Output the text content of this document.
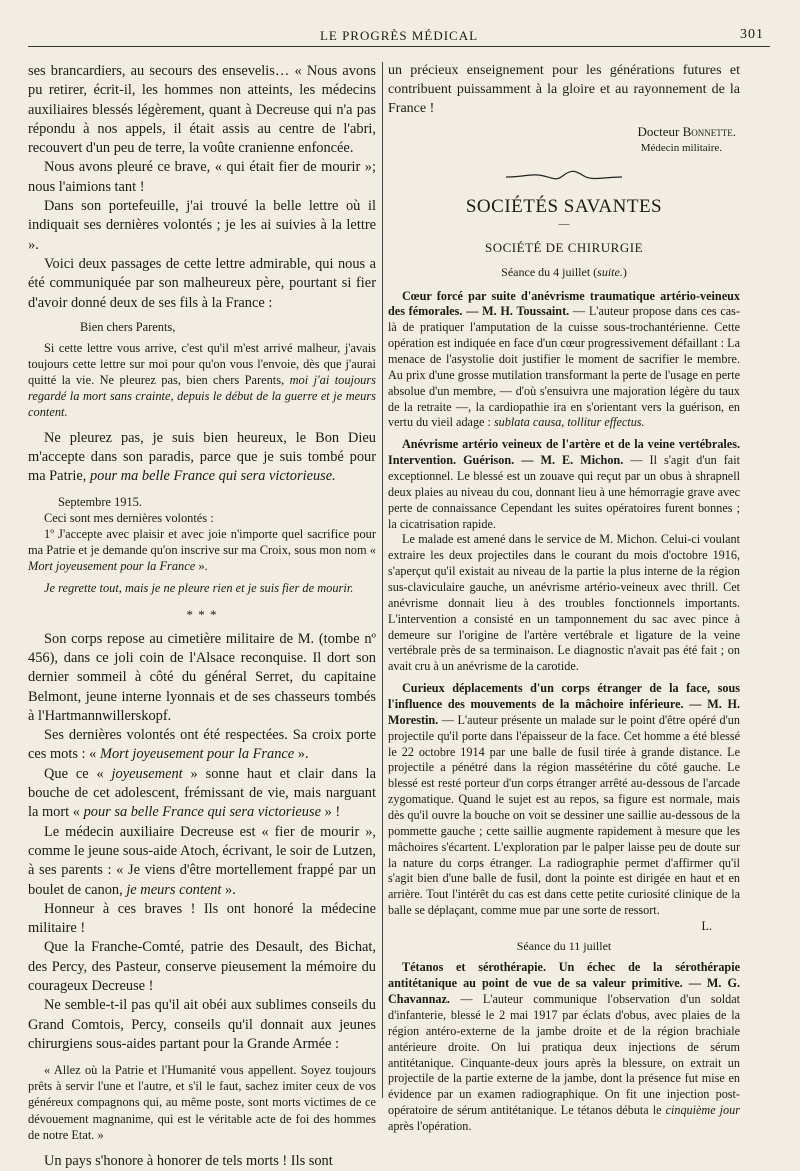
LE PROGRÈS MÉDICAL	301

ses brancardiers, au secours des ensevelis… « Nous avons pu retirer, écrit-il, les hommes non atteints, les médecins auxiliaires blessés légèrement, quant à Decreuse qui n'a pas répondu à nos appels, il était assis au centre de l'abri, recouvert d'un peu de terre, la voûte cranienne enfoncée.

Nous avons pleuré ce brave, « qui était fier de mourir »; nous l'aimions tant !

Dans son portefeuille, j'ai trouvé la belle lettre où il indiquait ses dernières volontés ; je les ai suivies à la lettre ».

Voici deux passages de cette lettre admirable, qui nous a été communiquée par son malheureux père, pourtant si fier d'avoir donné deux de ses fils à la France :

Bien chers Parents,

Si cette lettre vous arrive, c'est qu'il m'est arrivé malheur, j'avais toujours cette lettre sur moi pour qu'on vous l'envoie, dès que j'aurai quitté la vie. Ne pleurez pas, bien chers Parents, moi j'ai toujours regardé la mort sans crainte, depuis le début de la guerre et je meurs content.

Ne pleurez pas, je suis bien heureux, le Bon Dieu m'accepte dans son paradis, parce que je suis tombé pour ma Patrie, pour ma belle France qui sera victorieuse.

Septembre 1915.

Ceci sont mes dernières volontés :

1º J'accepte avec plaisir et avec joie n'importe quel sacrifice pour ma Patrie et je demande qu'on inscrive sur ma Croix, sous mon nom « Mort joyeusement pour la France ».

Je regrette tout, mais je ne pleure rien et je suis fier de mourir.

* * *

Son corps repose au cimetière militaire de M. (tombe nº 456), dans ce joli coin de l'Alsace reconquise. Il dort son dernier sommeil à côté du général Serret, du capitaine Belmont, jeune interne lyonnais et de ses chasseurs tombés à l'Hartmannwillerskopf.

Ses dernières volontés ont été respectées. Sa croix porte ces mots : « Mort joyeusement pour la France ».

Que ce « joyeusement » sonne haut et clair dans la bouche de cet adolescent, frémissant de vie, mais narguant la mort « pour sa belle France qui sera victorieuse » !

Le médecin auxiliaire Decreuse est « fier de mourir », comme le jeune sous-aide Atoch, écrivant, le soir de Lutzen, à ses parents : « Je viens d'être mortellement frappé par un boulet de canon, je meurs content ».

Honneur à ces braves ! Ils ont honoré la médecine militaire !

Que la Franche-Comté, patrie des Desault, des Bichat, des Percy, des Pasteur, conserve pieusement la mémoire du courageux Decreuse !

Ne semble-t-il pas qu'il ait obéi aux sublimes conseils du Grand Comtois, Percy, conseils qu'il donnait aux jeunes chirurgiens sous-aides partant pour la Grande Armée :

« Allez où la Patrie et l'Humanité vous appellent. Soyez toujours prêts à servir l'une et l'autre, et s'il le faut, sachez imiter ceux de vos généreux compagnons qui, au même poste, sont morts victimes de ce dévouement magnanime, qui est le véritable acte de foi des hommes de notre Etat. »

Un pays s'honore à honorer de tels morts ! Ils sont

un précieux enseignement pour les générations futures et contribuent puissamment à la gloire et au rayonnement de la France !

Docteur Bonnette.

Médecin militaire.

SOCIÉTÉS SAVANTES

—

SOCIÉTÉ DE CHIRURGIE

Séance du 4 juillet (suite.)

Cœur forcé par suite d'anévrisme traumatique artério-veineux des fémorales. — M. H. Toussaint. — L'auteur propose dans ces cas-là de pratiquer l'amputation de la cuisse sous-trochantérienne. Cette opération est indiquée en face d'un cœur progressivement défaillant : La menace de l'asystolie doit justifier le moment de sacrifier le membre. Au prix d'une grosse mutilation transformant la perte de l'usage en perte absolue d'un membre, — d'où s'ensuivra une majoration légère du taux de la retraite —, la cardiopathie ira en s'orientant vers la guérison, en vertu du vieil adage : sublata causa, tollitur effectus.

Anévrisme artério veineux de l'artère et de la veine vertébrales. Intervention. Guérison. — M. E. Michon. — Il s'agit d'un fait exceptionnel. Le blessé est un zouave qui reçut par un obus à shrapnell deux plaies au niveau du cou, donnant lieu à une hémorragie grave avec perte de connaissance Cependant les suites opératoires furent bonnes ; la cicatrisation rapide.

Le malade est amené dans le service de M. Michon. Celui-ci voulant extraire les deux projectiles dans le courant du mois d'octobre 1916, s'aperçut qu'il existait au niveau de la partie la plus interne de la région sus-claviculaire gauche, un anévrisme artério-veineux avec thrill. Cet anévrisme donnait lieu à des troubles fonctionnels importants. L'intervention a consisté en un tamponnement du sac avec pince à demeure sur l'origine de l'artère vertébrale et ligature de la veine vertébrale près de sa terminaison. Le diagnostic n'avait pas été fait ; on avait cru à un anévrisme de la carotide.

Curieux déplacements d'un corps étranger de la face, sous l'influence des mouvements de la mâchoire inférieure. — M. H. Morestin. — L'auteur présente un malade sur le point d'être opéré d'un projectile qu'il porte dans l'épaisseur de la face. Cet homme a été blessé le 22 octobre 1914 par une balle de fusil tirée à grande distance. Le projectile a pénétré dans la région massétérine du côté gauche. Le blessé est resté porteur d'un corps étranger arrêté au-dessous de l'arcade zygomatique. Quand le sujet est au repos, sa figure est normale, mais dès qu'il ouvre la bouche on voit se dessiner une saillie au-dessous de la pommette gauche ; cette saillie augmente rapidement à mesure que les mâchoires s'écartent. L'exploration par le palper laisse peu de doute sur la nature du corps étranger. La radiographie permet d'affirmer qu'il s'agit bien d'une balle de fusil, dont la pointe est dirigée en haut et en arrière. Tout l'intérêt du cas est dans cette petite curiosité clinique de la balle se déplaçant, comme mue par une sorte de ressort.

L.

Séance du 11 juillet

Tétanos et sérothérapie. Un échec de la sérothérapie antitétanique au point de vue de sa valeur primitive. — M. G. Chavannaz. — L'auteur communique l'observation d'un soldat d'infanterie, blessé le 2 mai 1917 par éclats d'obus, avec plaies de la région antéro-externe de la jambe droite et de la région brachiale antérieure droite. On lui pratiqua deux injections de sérum antitétanique. Cinquante-deux jours après la blessure, on extrait un projectile de la partie externe de la jambe, dont la présence fut mise en évidence par un examen radiographique. On fit une injection post-opératoire de sérum antitétanique. Le tétanos débuta le cinquième jour après l'opération.
